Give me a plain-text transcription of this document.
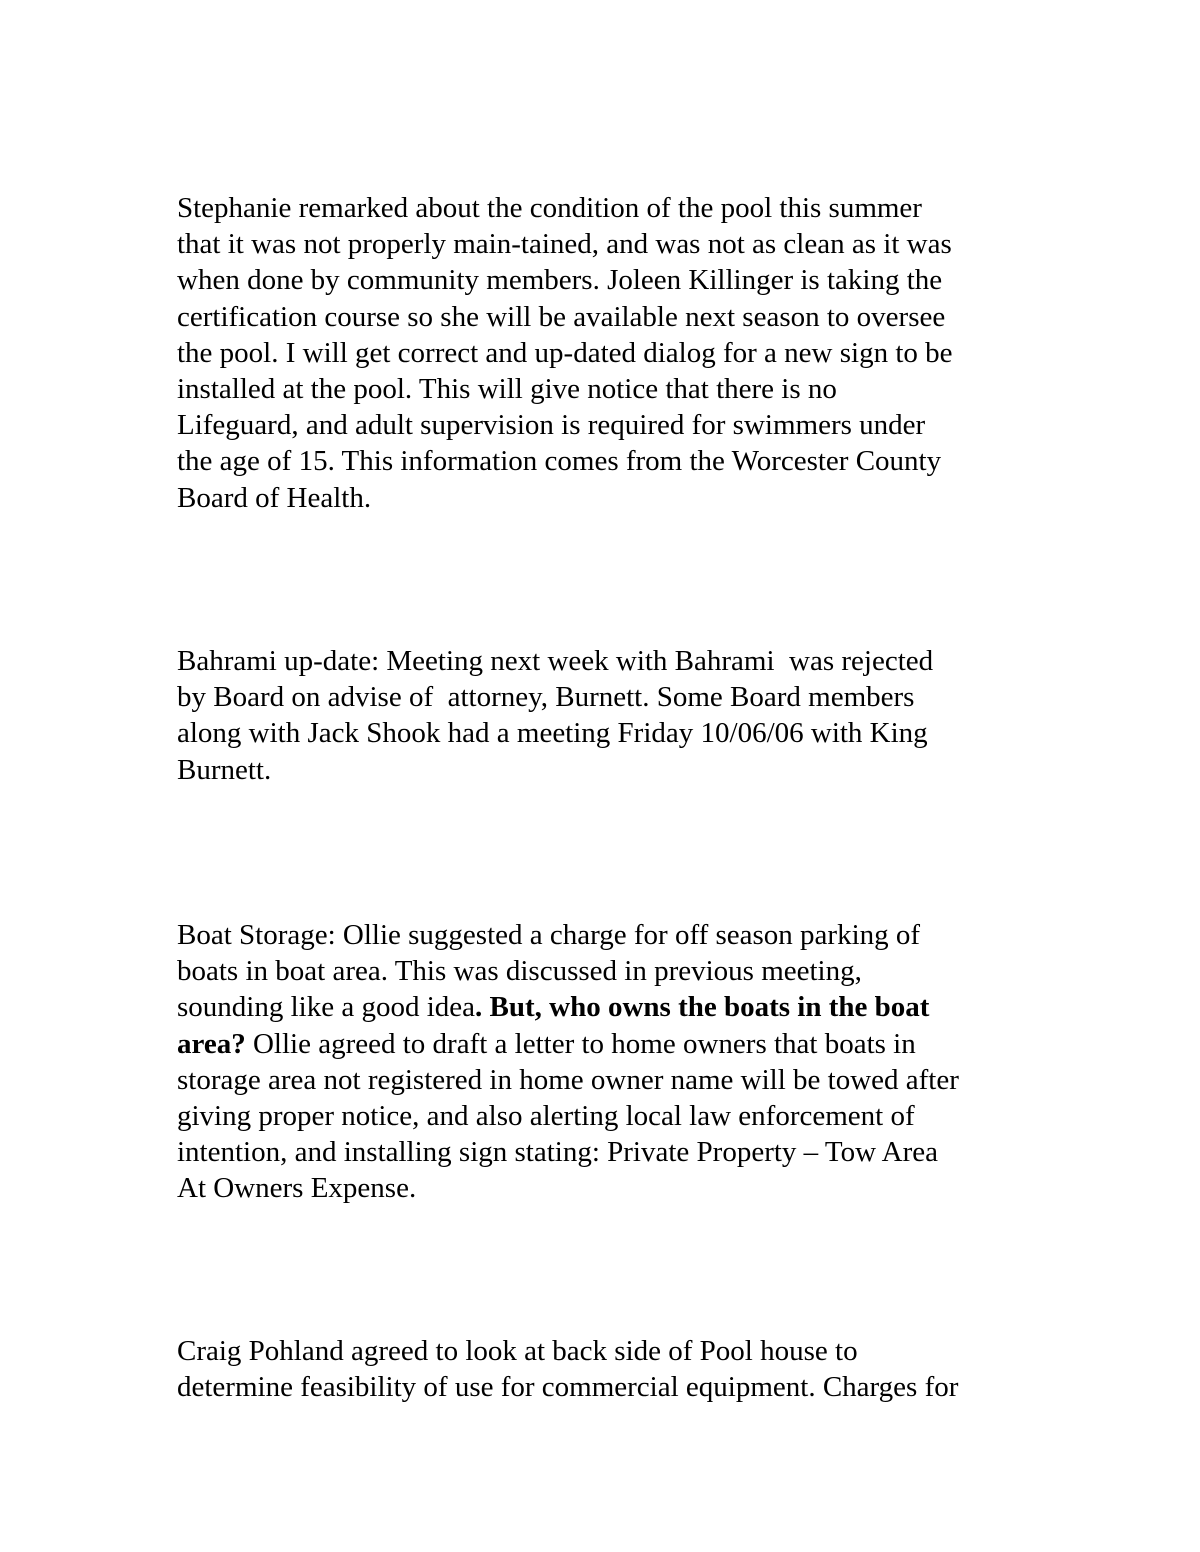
Stephanie remarked about the condition of the pool this summer
that it was not properly main-tained, and was not as clean as it was
when done by community members. Joleen Killinger is taking the
certification course so she will be available next season to oversee
the pool. I will get correct and up-dated dialog for a new sign to be
installed at the pool. This will give notice that there is no
Lifeguard, and adult supervision is required for swimmers under
the age of 15. This information comes from the Worcester County
Board of Health.

Bahrami up-date: Meeting next week with Bahrami  was rejected
by Board on advise of  attorney, Burnett. Some Board members
along with Jack Shook had a meeting Friday 10/06/06 with King
Burnett.

Boat Storage: Ollie suggested a charge for off season parking of
boats in boat area. This was discussed in previous meeting,
sounding like a good idea. But, who owns the boats in the boat
area? Ollie agreed to draft a letter to home owners that boats in
storage area not registered in home owner name will be towed after
giving proper notice, and also alerting local law enforcement of
intention, and installing sign stating: Private Property – Tow Area
At Owners Expense.

Craig Pohland agreed to look at back side of Pool house to
determine feasibility of use for commercial equipment. Charges for
